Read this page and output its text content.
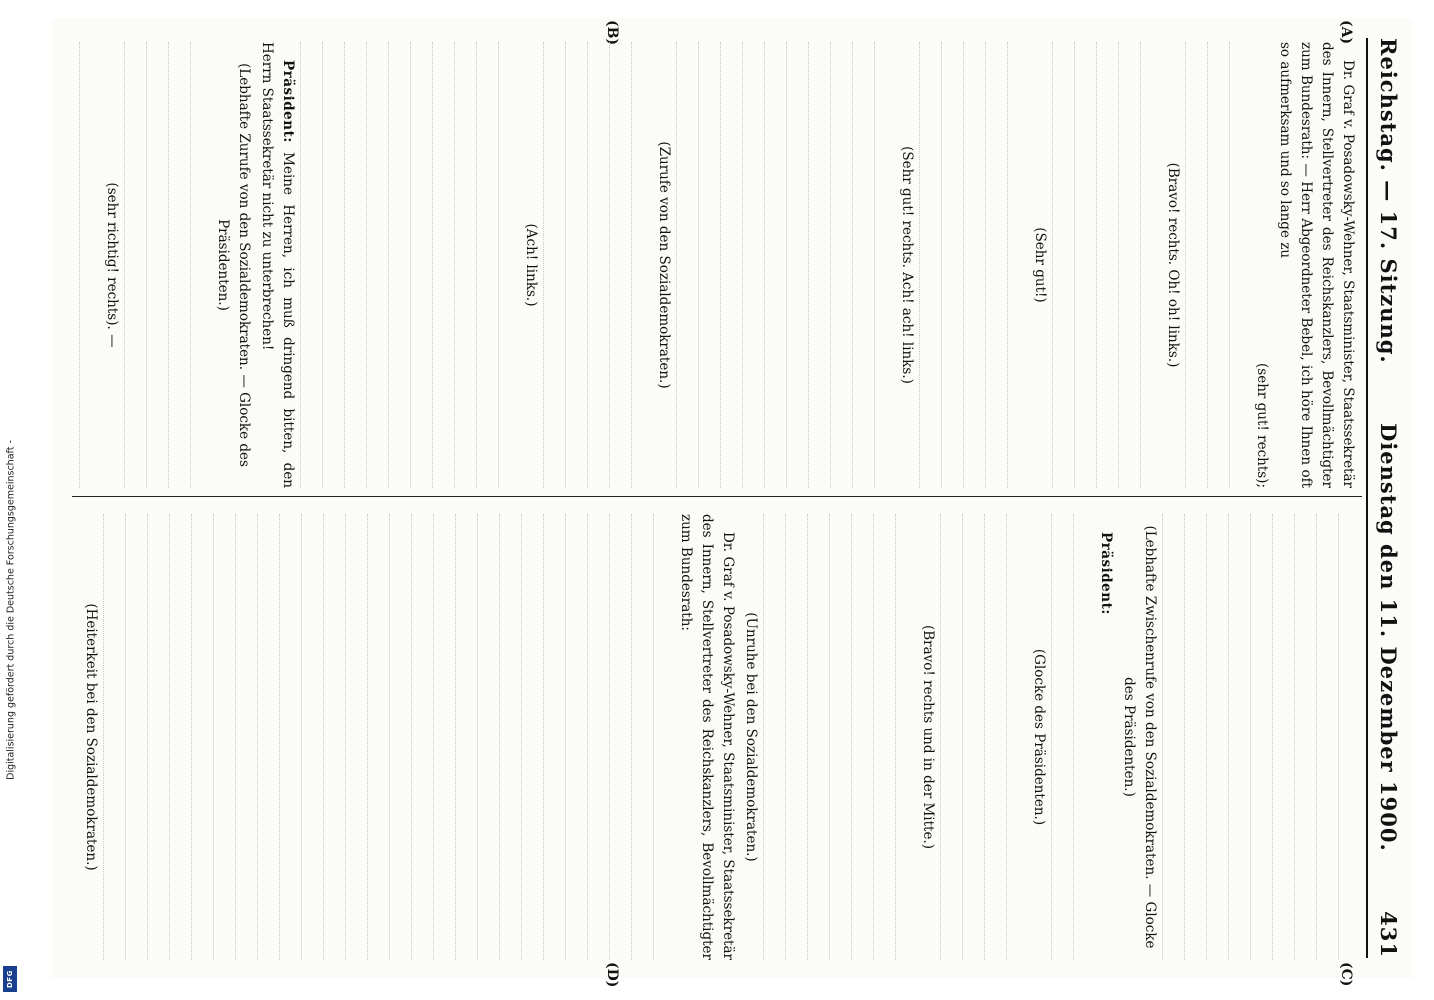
Digitalisierung gefördert durch die Deutsche Forschungsgemeinschaft -
DFG
Reichstag. — 17. Sitzung.
Dienstag den 11. Dezember 1900.
431
(A)
(B)
(C)
(D)

Dr. Graf v. Posadowsky-Wehner, Staatsminister, Staatssekretär des Innern, Stellvertreter des Reichskanzlers, Bevollmächtigter zum Bundesrath: — Herr Abgeordneter Bebel, ich höre Ihnen oft so aufmerksam und so lange zu

(sehr gut! rechts);

(Bravo! rechts. Oh! oh! links.)

(Sehr gut!)

(Sehr gut! rechts. Ach! ach! links.)

(Zurufe von den Sozialdemokraten.)

(Ach! links.)

Präsident: Meine Herren, ich muß dringend bitten, den Herrn Staatssekretär nicht zu unterbrechen!

(Lebhafte Zurufe von den Sozialdemokraten. — Glocke des Präsidenten.)

(sehr richtig! rechts). —

(Lebhafte Zwischenrufe von den Sozialdemokraten. — Glocke des Präsidenten.)

Präsident:

(Glocke des Präsidenten.)

(Bravo! rechts und in der Mitte.)

(Unruhe bei den Sozialdemokraten.)

Dr. Graf v. Posadowsky-Wehner, Staatsminister, Staatssekretär des Innern, Stellvertreter des Reichskanzlers, Bevollmächtigter zum Bundesrath:

(Heiterkeit bei den Sozialdemokraten.)
